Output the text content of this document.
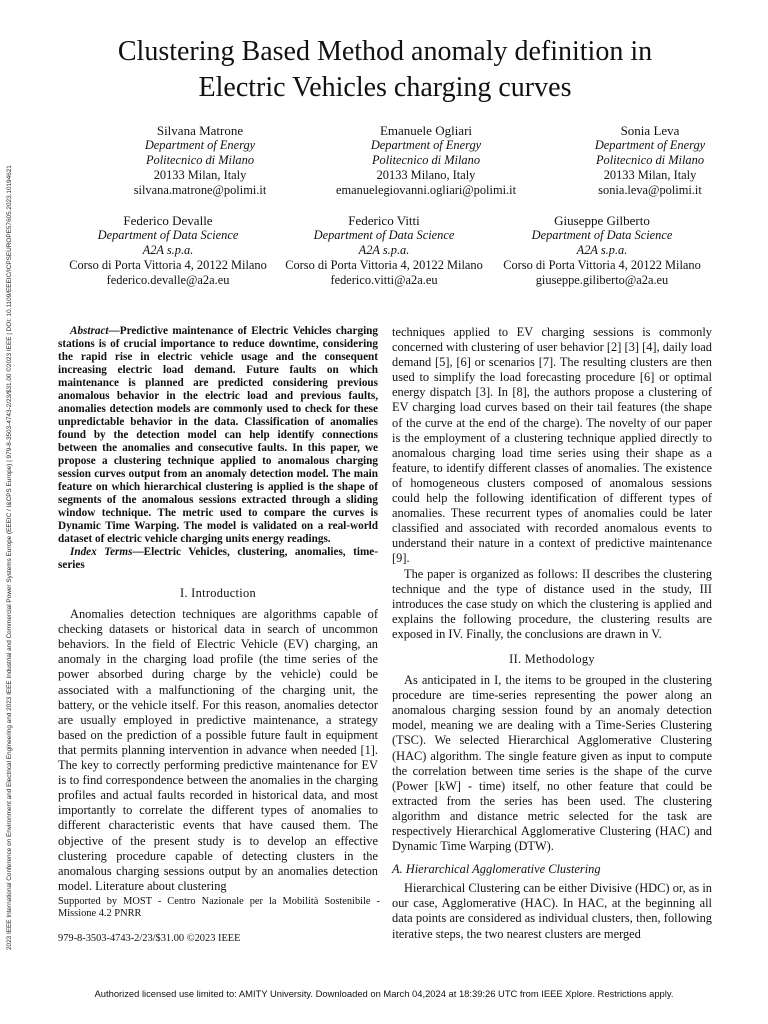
2023 IEEE International Conference on Environment and Electrical Engineering and 2023 IEEE Industrial and Commercial Power Systems Europe (EEEIC / I&CPS Europe) | 979-8-3503-4743-2/23/$31.00 ©2023 IEEE | DOI: 10.1109/EEEIC/ICPSEUROPE57605.2023.10194621
Clustering Based Method anomaly definition in
Electric Vehicles charging curves
Silvana Matrone
Department of Energy
Politecnico di Milano
20133 Milan, Italy
silvana.matrone@polimi.it
Emanuele Ogliari
Department of Energy
Politecnico di Milano
20133 Milano, Italy
emanuelegiovanni.ogliari@polimi.it
Sonia Leva
Department of Energy
Politecnico di Milano
20133 Milan, Italy
sonia.leva@polimi.it
Federico Devalle
Department of Data Science
A2A s.p.a.
Corso di Porta Vittoria 4, 20122 Milano
federico.devalle@a2a.eu
Federico Vitti
Department of Data Science
A2A s.p.a.
Corso di Porta Vittoria 4, 20122 Milano
federico.vitti@a2a.eu
Giuseppe Gilberto
Department of Data Science
A2A s.p.a.
Corso di Porta Vittoria 4, 20122 Milano
giuseppe.giliberto@a2a.eu

Abstract—Predictive maintenance of Electric Vehicles charging stations is of crucial importance to reduce downtime, considering the rapid rise in electric vehicle usage and the consequent increasing electric load demand. Future faults on which maintenance is planned are predicted considering previous anomalous behavior in the electric load and previous faults, anomalies detection models are commonly used to check for these unpredictable behavior in the data. Classification of anomalies found by the detection model can help identify connections between the anomalies and consecutive faults. In this paper, we propose a clustering technique applied to anomalous charging session curves output from an anomaly detection model. The main feature on which hierarchical clustering is applied is the shape of segments of the anomalous sessions extracted through a sliding window technique. The metric used to compare the curves is Dynamic Time Warping. The model is validated on a real-world dataset of electric vehicle charging units energy readings.

Index Terms—Electric Vehicles, clustering, anomalies, time-series

I. Introduction

Anomalies detection techniques are algorithms capable of checking datasets or historical data in search of uncommon behaviors. In the field of Electric Vehicle (EV) charging, an anomaly in the charging load profile (the time series of the power absorbed during charge by the vehicle) could be associated with a malfunctioning of the charging unit, the battery, or the vehicle itself. For this reason, anomalies detector are usually employed in predictive maintenance, a strategy based on the prediction of a possible future fault in equipment that permits planning intervention in advance when needed [1]. The key to correctly performing predictive maintenance for EV is to find correspondence between the anomalies in the charging profiles and actual faults recorded in historical data, and most importantly to correlate the different types of anomalies to different characteristic events that have caused them. The objective of the present study is to develop an effective clustering procedure capable of detecting clusters in the anomalous charging sessions output by an anomalies detection model. Literature about clustering

Supported by MOST - Centro Nazionale per la Mobilità Sostenibile - Missione 4.2 PNRR
979-8-3503-4743-2/23/$31.00 ©2023 IEEE

techniques applied to EV charging sessions is commonly concerned with clustering of user behavior [2] [3] [4], daily load demand [5], [6] or scenarios [7]. The resulting clusters are then used to simplify the load forecasting procedure [6] or optimal energy dispatch [3]. In [8], the authors propose a clustering of EV charging load curves based on their tail features (the shape of the curve at the end of the charge). The novelty of our paper is the employment of a clustering technique applied directly to anomalous charging load time series using their shape as a feature, to identify different classes of anomalies. The existence of homogeneous clusters composed of anomalous sessions could help the following identification of different types of anomalies. These recurrent types of anomalies could be later classified and associated with recorded anomalous events to understand their nature in a context of predictive maintenance [9].

The paper is organized as follows: II describes the clustering technique and the type of distance used in the study, III introduces the case study on which the clustering is applied and explains the following procedure, the clustering results are exposed in IV. Finally, the conclusions are drawn in V.

II. Methodology

As anticipated in I, the items to be grouped in the clustering procedure are time-series representing the power along an anomalous charging session found by an anomaly detection model, meaning we are dealing with a Time-Series Clustering (TSC). We selected Hierarchical Agglomerative Clustering (HAC) algorithm. The single feature given as input to compute the correlation between time series is the shape of the curve (Power [kW] - time) itself, no other feature that could be extracted from the series has been used. The clustering algorithm and distance metric selected for the task are respectively Hierarchical Agglomerative Clustering (HAC) and Dynamic Time Warping (DTW).

A. Hierarchical Agglomerative Clustering

Hierarchical Clustering can be either Divisive (HDC) or, as in our case, Agglomerative (HAC). In HAC, at the beginning all data points are considered as individual clusters, then, following iterative steps, the two nearest clusters are merged

Authorized licensed use limited to: AMITY University. Downloaded on March 04,2024 at 18:39:26 UTC from IEEE Xplore. Restrictions apply.
